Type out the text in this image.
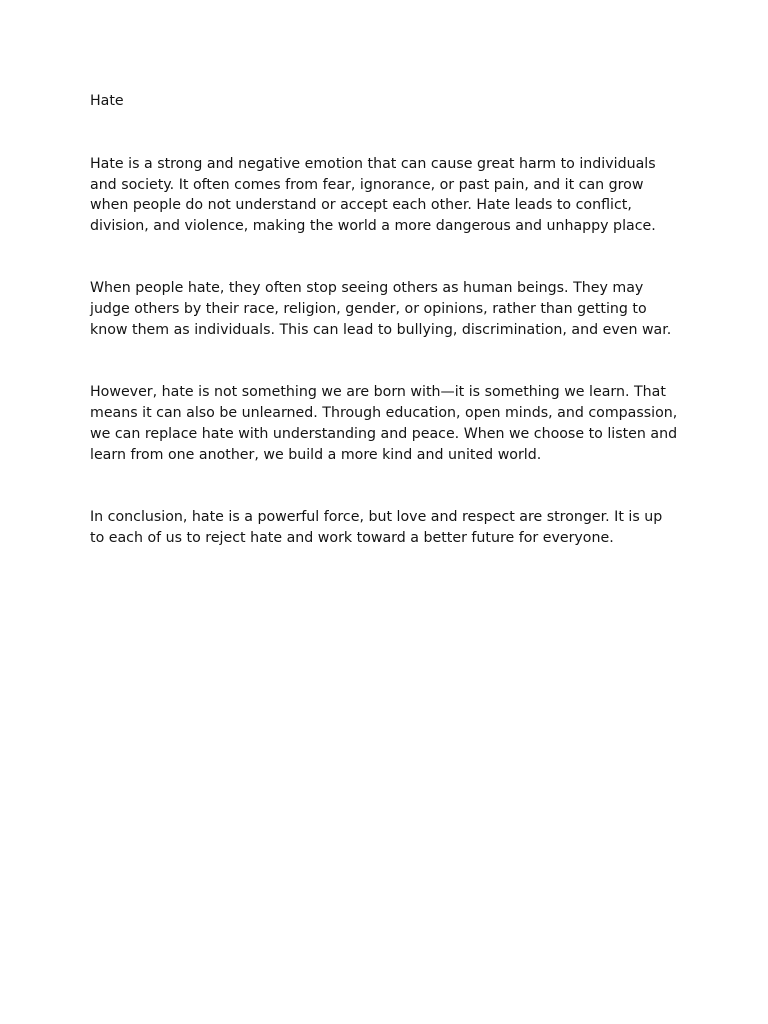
Hate

Hate is a strong and negative emotion that can cause great harm to individuals and society. It often comes from fear, ignorance, or past pain, and it can grow when people do not understand or accept each other. Hate leads to conflict, division, and violence, making the world a more dangerous and unhappy place.

When people hate, they often stop seeing others as human beings. They may judge others by their race, religion, gender, or opinions, rather than getting to know them as individuals. This can lead to bullying, discrimination, and even war.

However, hate is not something we are born with—it is something we learn. That means it can also be unlearned. Through education, open minds, and compassion, we can replace hate with understanding and peace. When we choose to listen and learn from one another, we build a more kind and united world.

In conclusion, hate is a powerful force, but love and respect are stronger. It is up to each of us to reject hate and work toward a better future for everyone.
